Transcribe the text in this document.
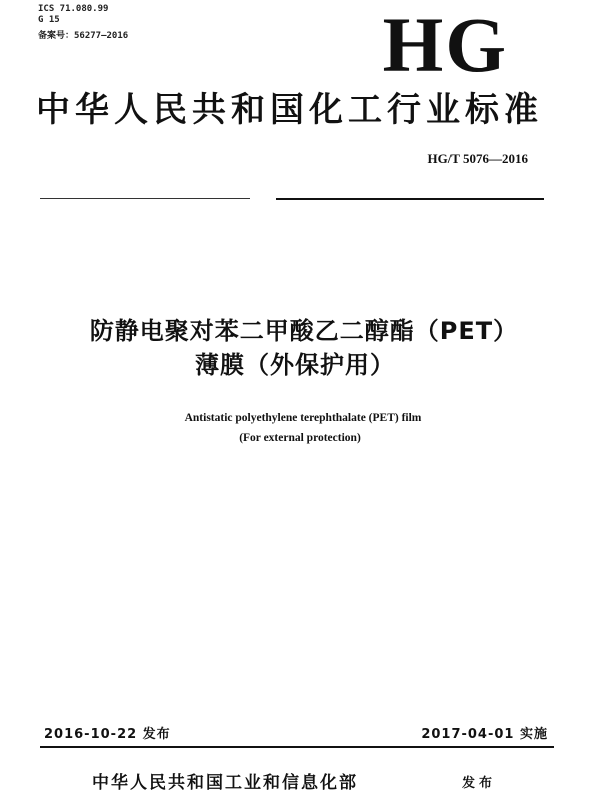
ICS 71.080.99
G 15
备案号：56277—2016	HG
中华人民共和国化工行业标准
HG/T 5076—2016
防静电聚对苯二甲酸乙二醇酯（PET）
薄膜（外保护用）
Antistatic polyethylene terephthalate (PET) film
(For external protection)
2016-10-22 发布	2017-04-01 实施
中华人民共和国工业和信息化部	发布
